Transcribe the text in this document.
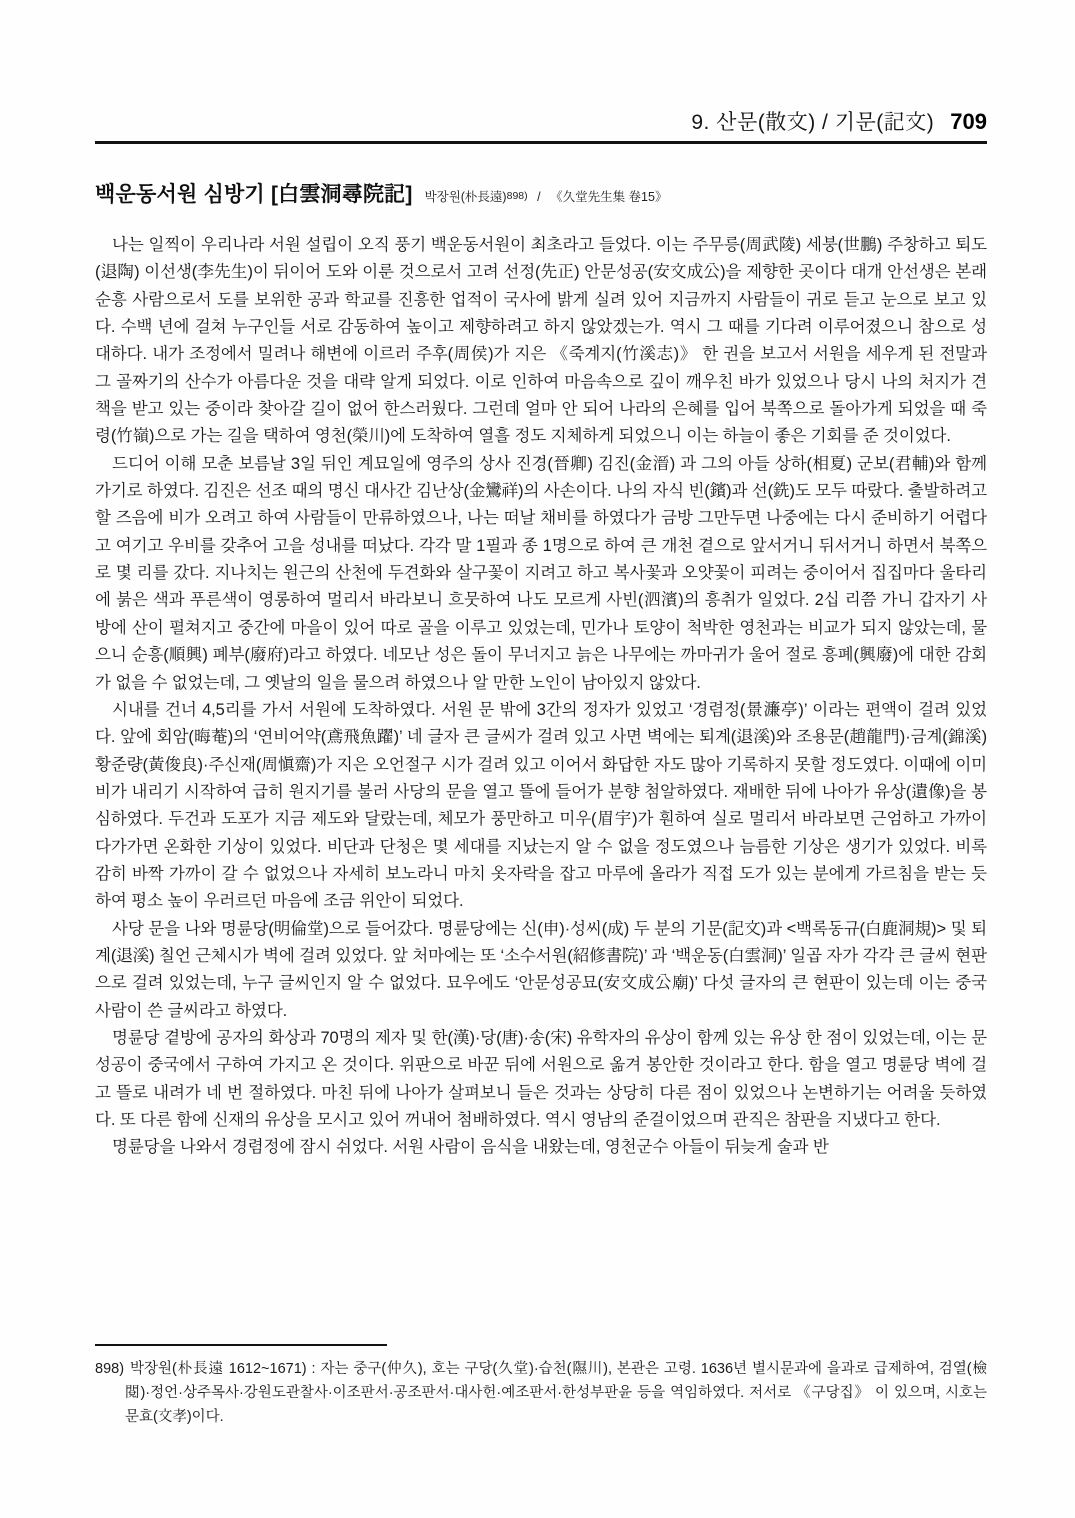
9. 산문(散文) / 기문(記文) 709
백운동서원 심방기 [白雲洞尋院記] 박장원(朴長遠)898) / 《久堂先生集 卷15》

나는 일찍이 우리나라 서원 설립이 오직 풍기 백운동서원이 최초라고 들었다. 이는 주무릉(周武陵) 세붕(世鵬) 주창하고 퇴도(退陶) 이선생(李先生)이 뒤이어 도와 이룬 것으로서 고려 선정(先正) 안문성공(安文成公)을 제향한 곳이다 대개 안선생은 본래 순흥 사람으로서 도를 보위한 공과 학교를 진흥한 업적이 국사에 밝게 실려 있어 지금까지 사람들이 귀로 듣고 눈으로 보고 있다. 수백 년에 걸쳐 누구인들 서로 감동하여 높이고 제향하려고 하지 않았겠는가. 역시 그 때를 기다려 이루어졌으니 참으로 성대하다. 내가 조정에서 밀려나 해변에 이르러 주후(周侯)가 지은 《죽계지(竹溪志)》 한 권을 보고서 서원을 세우게 된 전말과 그 골짜기의 산수가 아름다운 것을 대략 알게 되었다. 이로 인하여 마음속으로 깊이 깨우친 바가 있었으나 당시 나의 처지가 견책을 받고 있는 중이라 찾아갈 길이 없어 한스러웠다. 그런데 얼마 안 되어 나라의 은혜를 입어 북쪽으로 돌아가게 되었을 때 죽령(竹嶺)으로 가는 길을 택하여 영천(榮川)에 도착하여 열흘 정도 지체하게 되었으니 이는 하늘이 좋은 기회를 준 것이었다.

드디어 이해 모춘 보름날 3일 뒤인 계묘일에 영주의 상사 진경(晉卿) 김진(金溍) 과 그의 아들 상하(相夏) 군보(君輔)와 함께 가기로 하였다. 김진은 선조 때의 명신 대사간 김난상(金鸞祥)의 사손이다. 나의 자식 빈(鑌)과 선(銑)도 모두 따랐다. 출발하려고 할 즈음에 비가 오려고 하여 사람들이 만류하였으나, 나는 떠날 채비를 하였다가 금방 그만두면 나중에는 다시 준비하기 어렵다고 여기고 우비를 갖추어 고을 성내를 떠났다. 각각 말 1필과 종 1명으로 하여 큰 개천 곁으로 앞서거니 뒤서거니 하면서 북쪽으로 몇 리를 갔다. 지나치는 원근의 산천에 두견화와 살구꽃이 지려고 하고 복사꽃과 오얏꽃이 피려는 중이어서 집집마다 울타리에 붉은 색과 푸른색이 영롱하여 멀리서 바라보니 흐뭇하여 나도 모르게 사빈(泗濱)의 흥취가 일었다. 2십 리쯤 가니 갑자기 사방에 산이 펼쳐지고 중간에 마을이 있어 따로 골을 이루고 있었는데, 민가나 토양이 척박한 영천과는 비교가 되지 않았는데, 물으니 순흥(順興) 폐부(廢府)라고 하였다. 네모난 성은 돌이 무너지고 늙은 나무에는 까마귀가 울어 절로 흥폐(興廢)에 대한 감회가 없을 수 없었는데, 그 옛날의 일을 물으려 하였으나 알 만한 노인이 남아있지 않았다.

시내를 건너 4,5리를 가서 서원에 도착하였다. 서원 문 밖에 3간의 정자가 있었고 ‘경렴정(景濂亭)’ 이라는 편액이 걸려 있었다. 앞에 회암(晦菴)의 ‘연비어약(鳶飛魚躍)’ 네 글자 큰 글씨가 걸려 있고 사면 벽에는 퇴계(退溪)와 조용문(趙龍門)·금계(錦溪) 황준량(黃俊良)·주신재(周愼齋)가 지은 오언절구 시가 걸려 있고 이어서 화답한 자도 많아 기록하지 못할 정도였다. 이때에 이미 비가 내리기 시작하여 급히 원지기를 불러 사당의 문을 열고 뜰에 들어가 분향 첨알하였다. 재배한 뒤에 나아가 유상(遺像)을 봉심하였다. 두건과 도포가 지금 제도와 달랐는데, 체모가 풍만하고 미우(眉宇)가 훤하여 실로 멀리서 바라보면 근엄하고 가까이 다가가면 온화한 기상이 있었다. 비단과 단청은 몇 세대를 지났는지 알 수 없을 정도였으나 늠름한 기상은 생기가 있었다. 비록 감히 바짝 가까이 갈 수 없었으나 자세히 보노라니 마치 옷자락을 잡고 마루에 올라가 직접 도가 있는 분에게 가르침을 받는 듯하여 평소 높이 우러르던 마음에 조금 위안이 되었다.

사당 문을 나와 명륜당(明倫堂)으로 들어갔다. 명륜당에는 신(申)·성씨(成) 두 분의 기문(記文)과 <백록동규(白鹿洞規)> 및 퇴계(退溪) 칠언 근체시가 벽에 걸려 있었다. 앞 처마에는 또 ‘소수서원(紹修書院)’ 과 ‘백운동(白雲洞)’ 일곱 자가 각각 큰 글씨 현판으로 걸려 있었는데, 누구 글씨인지 알 수 없었다. 묘우에도 ‘안문성공묘(安文成公廟)’ 다섯 글자의 큰 현판이 있는데 이는 중국 사람이 쓴 글씨라고 하였다.

명륜당 곁방에 공자의 화상과 70명의 제자 및 한(漢)·당(唐)·송(宋) 유학자의 유상이 함께 있는 유상 한 점이 있었는데, 이는 문성공이 중국에서 구하여 가지고 온 것이다. 위판으로 바꾼 뒤에 서원으로 옮겨 봉안한 것이라고 한다. 함을 열고 명륜당 벽에 걸고 뜰로 내려가 네 번 절하였다. 마친 뒤에 나아가 살펴보니 들은 것과는 상당히 다른 점이 있었으나 논변하기는 어려울 듯하였다. 또 다른 함에 신재의 유상을 모시고 있어 꺼내어 첨배하였다. 역시 영남의 준걸이었으며 관직은 참판을 지냈다고 한다.

명륜당을 나와서 경렴정에 잠시 쉬었다. 서원 사람이 음식을 내왔는데, 영천군수 아들이 뒤늦게 술과 반

898) 박장원(朴長遠 1612~1671) : 자는 중구(仲久), 호는 구당(久堂)·습천(隰川), 본관은 고령. 1636년 별시문과에 을과로 급제하여, 검열(檢閱)·정언·상주목사·강원도관찰사·이조판서·공조판서·대사헌·예조판서·한성부판윤 등을 역임하였다. 저서로 《구당집》 이 있으며, 시호는 문효(文孝)이다.
